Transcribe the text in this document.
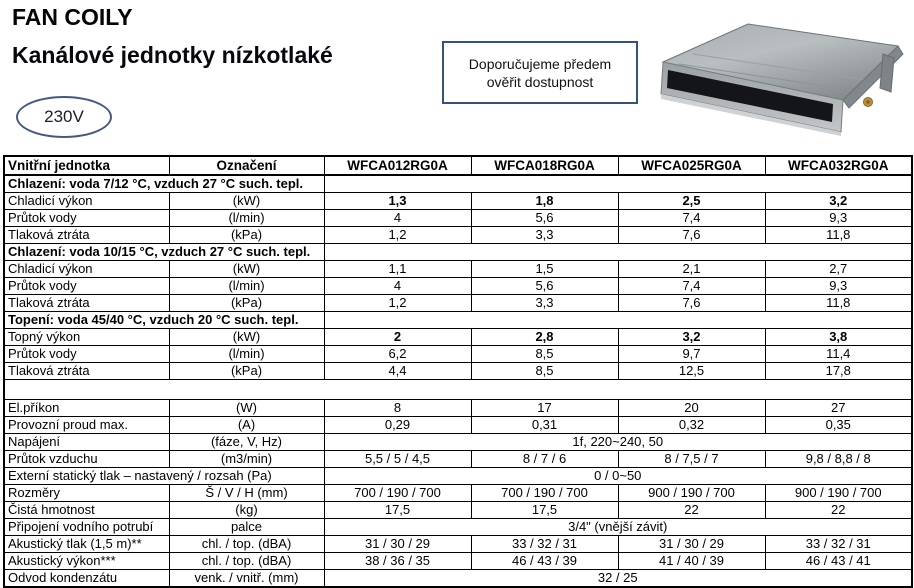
FAN COILY
Kanálové jednotky nízkotlaké
230V
Doporučujeme předem
ověřit dostupnost
Vnitřní jednotka	Označení	WFCA012RG0A	WFCA018RG0A	WFCA025RG0A	WFCA032RG0A
Chlazení: voda 7/12 °C, vzduch 27 °C such. tepl.					
Chladicí výkon	(kW)	1,3	1,8	2,5	3,2
Průtok vody	(l/min)	4	5,6	7,4	9,3
Tlaková ztráta	(kPa)	1,2	3,3	7,6	11,8
Chlazení: voda 10/15 °C, vzduch 27 °C such. tepl.					
Chladicí výkon	(kW)	1,1	1,5	2,1	2,7
Průtok vody	(l/min)	4	5,6	7,4	9,3
Tlaková ztráta	(kPa)	1,2	3,3	7,6	11,8
Topení: voda 45/40 °C, vzduch 20 °C such. tepl.					
Topný výkon	(kW)	2	2,8	3,2	3,8
Průtok vody	(l/min)	6,2	8,5	9,7	11,4
Tlaková ztráta	(kPa)	4,4	8,5	12,5	17,8

El.příkon	(W)	8	17	20	27
Provozní proud max.	(A)	0,29	0,31	0,32	0,35
Napájení	(fáze, V, Hz)	1f, 220~240, 50			
Průtok vzduchu	(m3/min)	5,5 / 5 / 4,5	8 / 7 / 6	8 / 7,5 / 7	9,8 / 8,8 / 8
Externí statický tlak – nastavený / rozsah (Pa)		0 / 0~50			
Rozměry	Š / V / H (mm)	700 / 190 / 700	700 / 190 / 700	900 / 190 / 700	900 / 190 / 700
Čistá hmotnost	(kg)	17,5	17,5	22	22
Připojení vodního potrubí	palce	3/4" (vnější závit)			
Akustický tlak (1,5 m)**	chl. / top. (dBA)	31 / 30 / 29	33 / 32 / 31	31 / 30 / 29	33 / 32 / 31
Akustický výkon***	chl. / top. (dBA)	38 / 36 / 35	46 / 43 / 39	41 / 40 / 39	46 / 43 / 41
Odvod kondenzátu	venk. / vnitř. (mm)	32 / 25			
